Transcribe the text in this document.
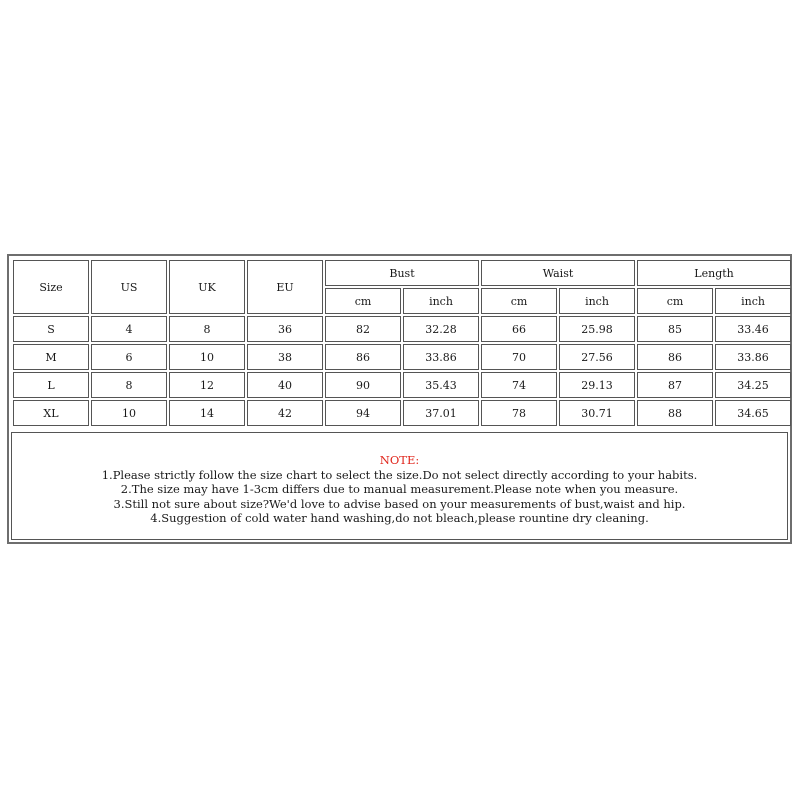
Size	US	UK	EU	Bust		Waist		Length	
				cm	inch	cm	inch	cm	inch
S	4	8	36	82	32.28	66	25.98	85	33.46
M	6	10	38	86	33.86	70	27.56	86	33.86
L	8	12	40	90	35.43	74	29.13	87	34.25
XL	10	14	42	94	37.01	78	30.71	88	34.65
NOTE:
1.Please strictly follow the size chart to select the size.Do not select directly according to your habits.
2.The size may have 1-3cm differs due to manual measurement.Please note when you measure.
3.Still not sure about size?We'd love to advise based on your measurements of bust,waist and hip.
4.Suggestion of cold water hand washing,do not bleach,please rountine dry cleaning.
